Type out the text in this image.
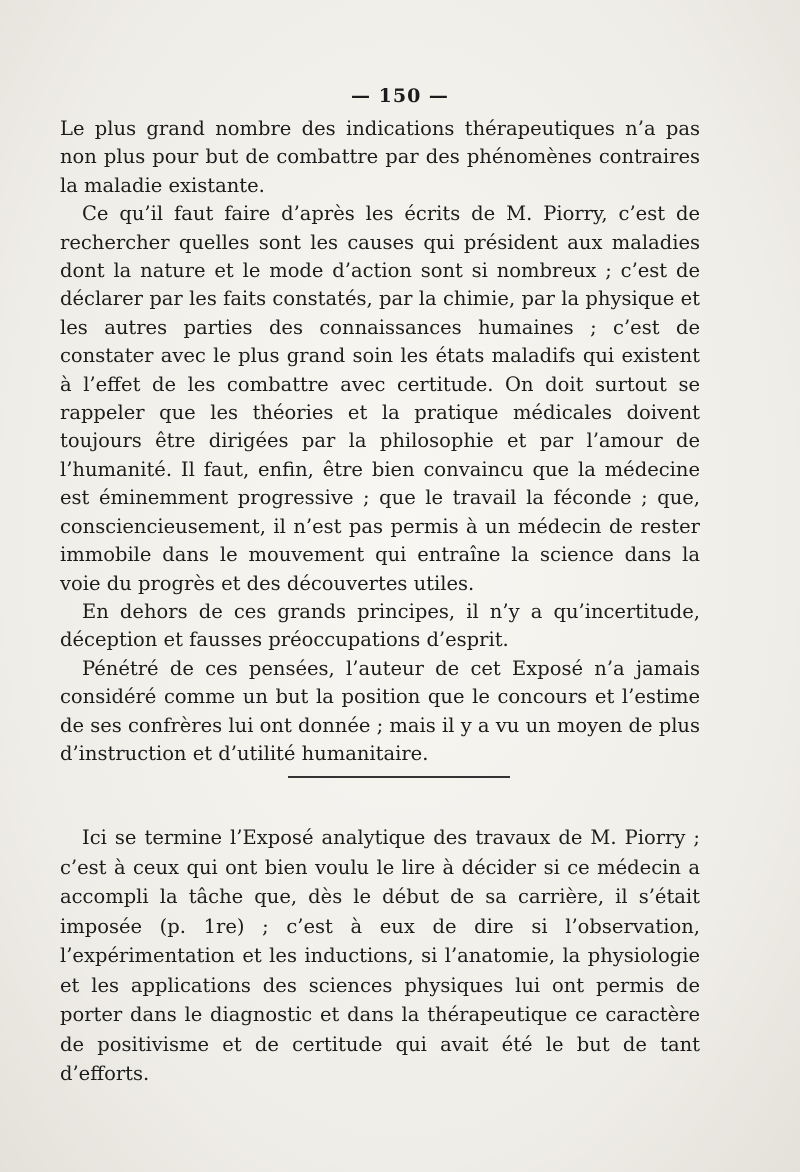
— 150 —

Le plus grand nombre des indications thérapeutiques n’a pas non plus pour but de combattre par des phénomènes contraires la maladie existante.

Ce qu’il faut faire d’après les écrits de M. Piorry, c’est de rechercher quelles sont les causes qui président aux maladies dont la nature et le mode d’action sont si nombreux ; c’est de déclarer par les faits constatés, par la chimie, par la physique et les autres parties des connaissances humaines ; c’est de constater avec le plus grand soin les états maladifs qui existent à l’effet de les combattre avec certitude. On doit surtout se rappeler que les théories et la pratique médicales doivent toujours être dirigées par la philosophie et par l’amour de l’humanité. Il faut, enfin, être bien convaincu que la médecine est éminemment progressive ; que le travail la féconde ; que, consciencieusement, il n’est pas permis à un médecin de rester immobile dans le mouvement qui entraîne la science dans la voie du progrès et des découvertes utiles.

En dehors de ces grands principes, il n’y a qu’incertitude, déception et fausses préoccupations d’esprit.

Pénétré de ces pensées, l’auteur de cet Exposé n’a jamais considéré comme un but la position que le concours et l’estime de ses confrères lui ont donnée ; mais il y a vu un moyen de plus d’instruction et d’utilité humanitaire.

Ici se termine l’Exposé analytique des travaux de M. Piorry ; c’est à ceux qui ont bien voulu le lire à décider si ce médecin a accompli la tâche que, dès le début de sa carrière, il s’était imposée (p. 1re) ; c’est à eux de dire si l’observation, l’expérimentation et les inductions, si l’anatomie, la physiologie et les applications des sciences physiques lui ont permis de porter dans le diagnostic et dans la thérapeutique ce caractère de positivisme et de certitude qui avait été le but de tant d’efforts.
